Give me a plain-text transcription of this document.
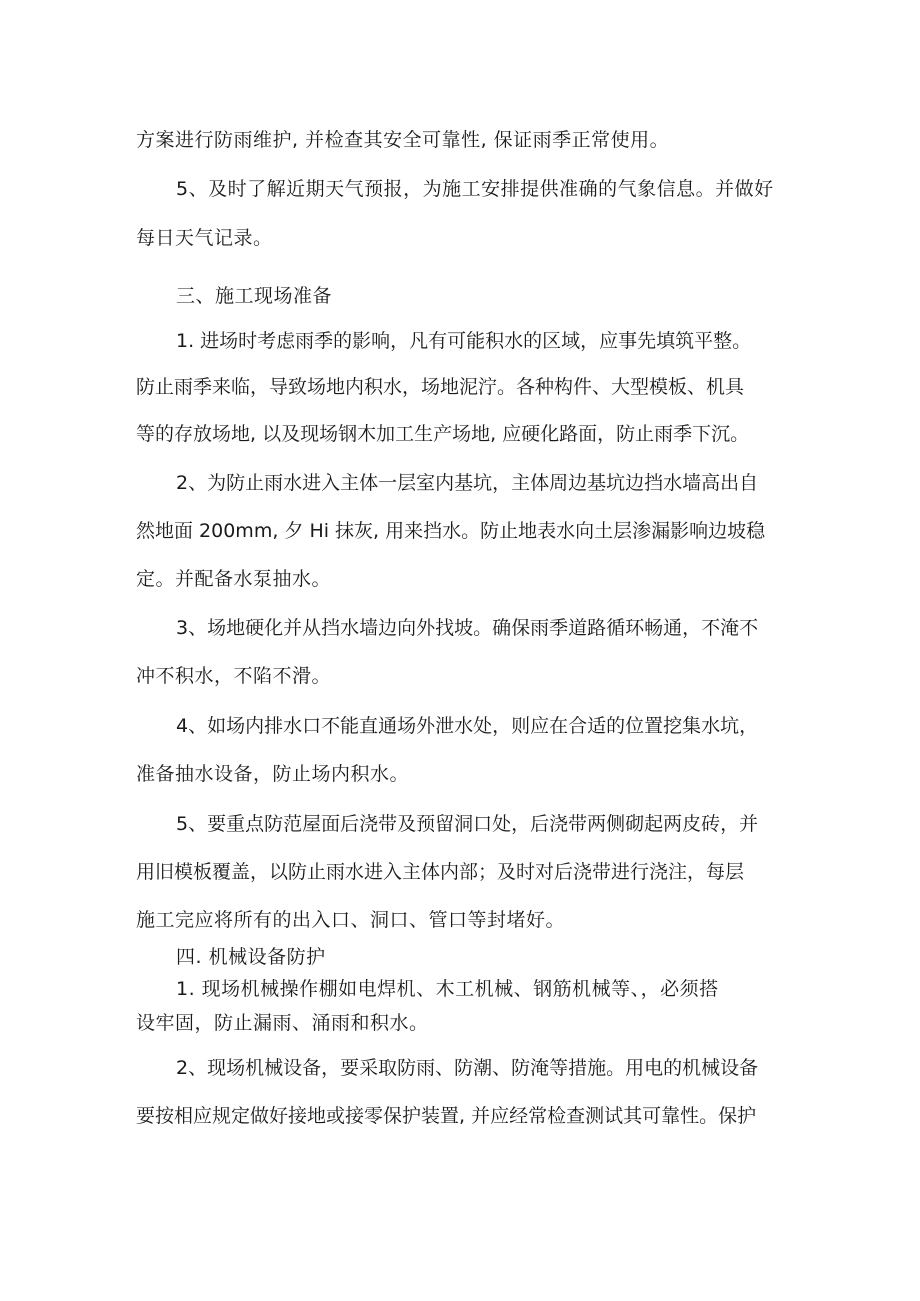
方案进行防雨维护, 并检查其安全可靠性, 保证雨季正常使用。
5、及时了解近期天气预报，为施工安排提供准确的气象信息。并做好
每日天气记录。
三、施工现场准备
1. 进场时考虑雨季的影响，凡有可能积水的区域，应事先填筑平整。
防止雨季来临，导致场地内积水，场地泥泞。各种构件、大型模板、机具
等的存放场地, 以及现场钢木加工生产场地, 应硬化路面，防止雨季下沉。
2、为防止雨水进入主体一层室内基坑，主体周边基坑边挡水墙高出自
然地面 200mm, 夕 Hi 抹灰, 用来挡水。防止地表水向土层渗漏影响边坡稳
定。并配备水泵抽水。
3、场地硬化并从挡水墙边向外找坡。确保雨季道路循环畅通，不淹不
冲不积水，不陷不滑。
4、如场内排水口不能直通场外泄水处，则应在合适的位置挖集水坑，
准备抽水设备，防止场内积水。
5、要重点防范屋面后浇带及预留洞口处，后浇带两侧砌起两皮砖，并
用旧模板覆盖，以防止雨水进入主体内部；及时对后浇带进行浇注，每层
施工完应将所有的出入口、洞口、管口等封堵好。
四. 机械设备防护
1. 现场机械操作棚如电焊机、木工机械、钢筋机械等、，必须搭
设牢固，防止漏雨、涌雨和积水。
2、现场机械设备，要采取防雨、防潮、防淹等措施。用电的机械设备
要按相应规定做好接地或接零保护装置, 并应经常检查测试其可靠性。保护
